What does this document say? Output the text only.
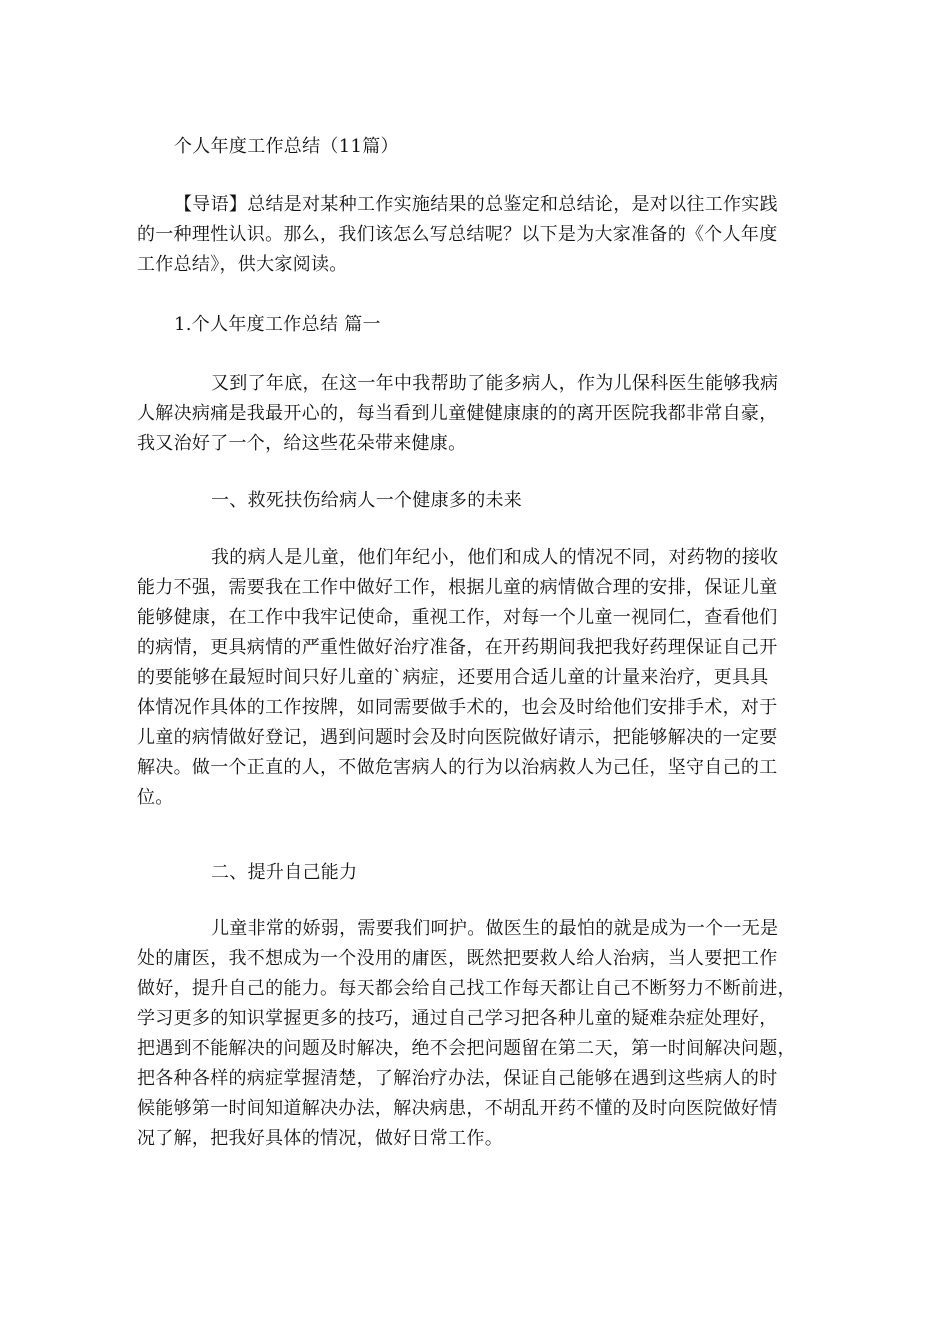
个人年度工作总结（11篇）

【导语】总结是对某种工作实施结果的总鉴定和总结论，是对以往工作实践
的一种理性认识。那么，我们该怎么写总结呢？以下是为大家准备的《个人年度
工作总结》，供大家阅读。

1.个人年度工作总结 篇一

又到了年底，在这一年中我帮助了能多病人，作为儿保科医生能够我病
人解决病痛是我最开心的，每当看到儿童健健康康的的离开医院我都非常自豪，
我又治好了一个，给这些花朵带来健康。

一、救死扶伤给病人一个健康多的未来

我的病人是儿童，他们年纪小，他们和成人的情况不同，对药物的接收
能力不强，需要我在工作中做好工作，根据儿童的病情做合理的安排，保证儿童
能够健康，在工作中我牢记使命，重视工作，对每一个儿童一视同仁，查看他们
的病情，更具病情的严重性做好治疗准备，在开药期间我把我好药理保证自己开
的要能够在最短时间只好儿童的`病症，还要用合适儿童的计量来治疗，更具具
体情况作具体的工作按牌，如同需要做手术的，也会及时给他们安排手术，对于
儿童的病情做好登记，遇到问题时会及时向医院做好请示，把能够解决的一定要
解决。做一个正直的人，不做危害病人的行为以治病救人为己任，坚守自己的工
位。

二、提升自己能力

儿童非常的娇弱，需要我们呵护。做医生的最怕的就是成为一个一无是
处的庸医，我不想成为一个没用的庸医，既然把要救人给人治病，当人要把工作
做好，提升自己的能力。每天都会给自己找工作每天都让自己不断努力不断前进，
学习更多的知识掌握更多的技巧，通过自己学习把各种儿童的疑难杂症处理好，
把遇到不能解决的问题及时解决，绝不会把问题留在第二天，第一时间解决问题，
把各种各样的病症掌握清楚，了解治疗办法，保证自己能够在遇到这些病人的时
候能够第一时间知道解决办法，解决病患，不胡乱开药不懂的及时向医院做好情
况了解，把我好具体的情况，做好日常工作。
